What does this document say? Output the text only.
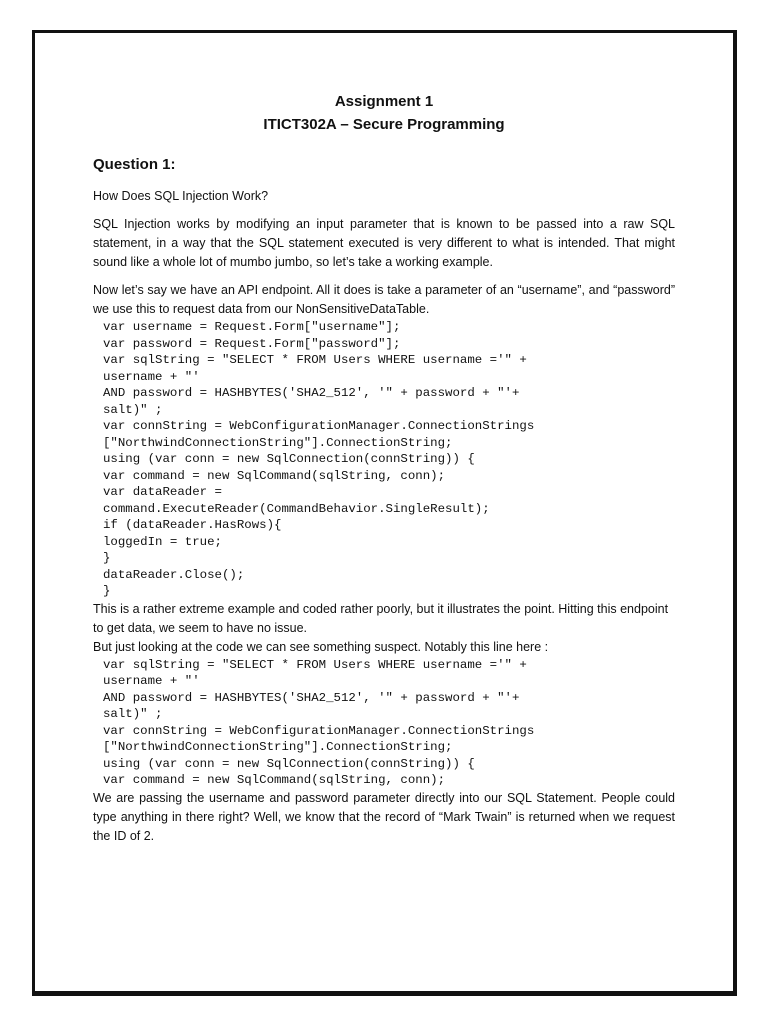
Assignment 1
ITICT302A – Secure Programming
Question 1:

How Does SQL Injection Work?

SQL Injection works by modifying an input parameter that is known to be passed into a raw SQL statement, in a way that the SQL statement executed is very different to what is intended. That might sound like a whole lot of mumbo jumbo, so let’s take a working example.

Now let’s say we have an API endpoint. All it does is take a parameter of an “username”, and “password” we use this to request data from our NonSensitiveDataTable.

var username = Request.Form["username"];
var password = Request.Form["password"];
var sqlString = "SELECT * FROM Users WHERE username ='" +
username + "'
AND password = HASHBYTES('SHA2_512', '" + password + "'+
salt)" ;
var connString = WebConfigurationManager.ConnectionStrings
["NorthwindConnectionString"].ConnectionString;
using (var conn = new SqlConnection(connString)) {
var command = new SqlCommand(sqlString, conn);
var dataReader =
command.ExecuteReader(CommandBehavior.SingleResult);
if (dataReader.HasRows){
loggedIn = true;
}
dataReader.Close();
}

This is a rather extreme example and coded rather poorly, but it illustrates the point. Hitting this endpoint to get data, we seem to have no issue.

But just looking at the code we can see something suspect. Notably this line here :

var sqlString = "SELECT * FROM Users WHERE username ='" +
username + "'
AND password = HASHBYTES('SHA2_512', '" + password + "'+
salt)" ;
var connString = WebConfigurationManager.ConnectionStrings
["NorthwindConnectionString"].ConnectionString;
using (var conn = new SqlConnection(connString)) {
var command = new SqlCommand(sqlString, conn);

We are passing the username and password parameter directly into our SQL Statement. People could type anything in there right? Well, we know that the record of “Mark Twain” is returned when we request the ID of 2.
